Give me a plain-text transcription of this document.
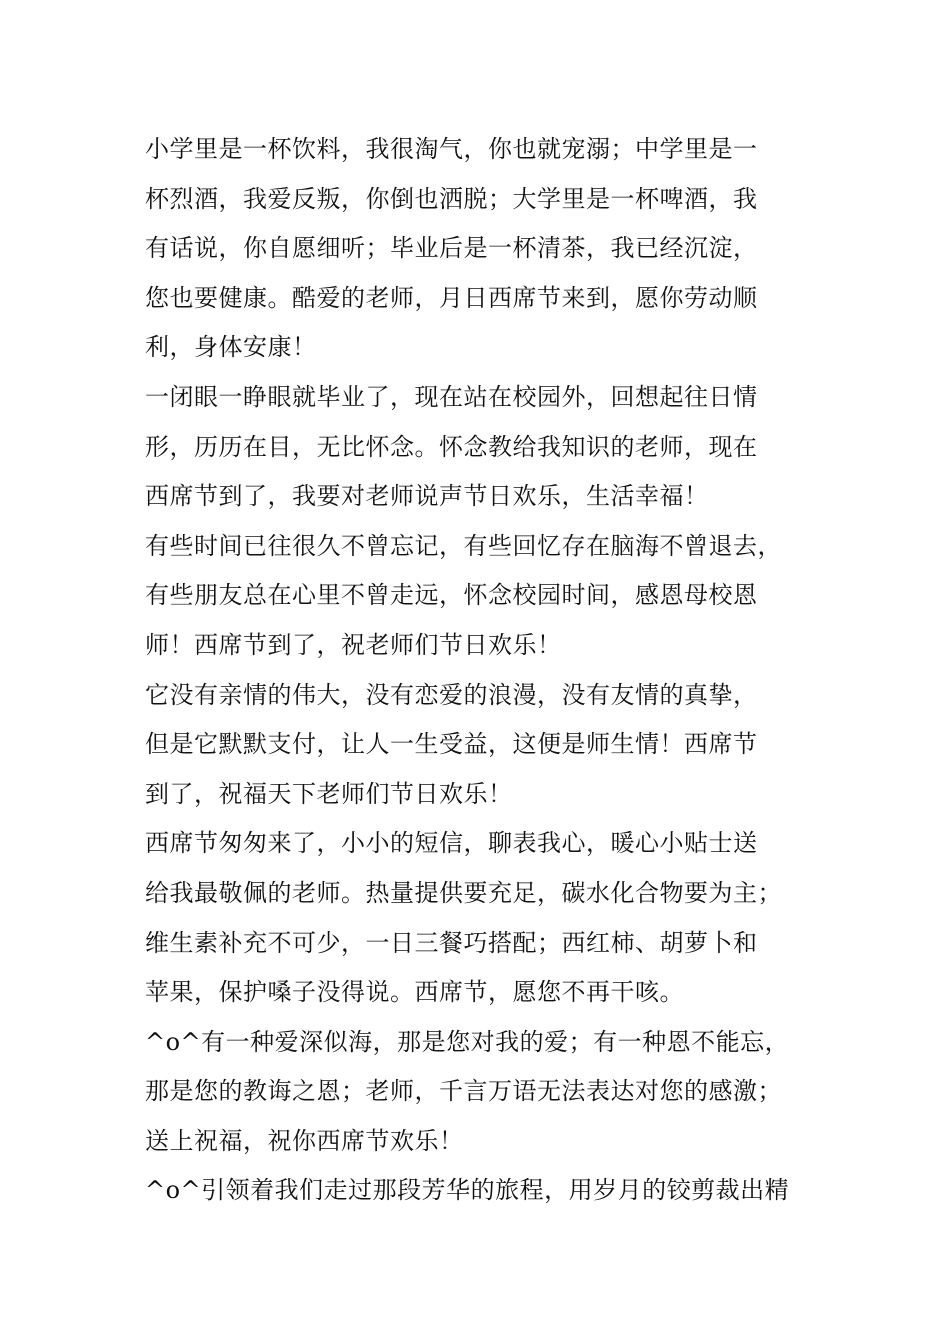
小学里是一杯饮料，我很淘气，你也就宠溺；中学里是一
杯烈酒，我爱反叛，你倒也洒脱；大学里是一杯啤酒，我
有话说，你自愿细听；毕业后是一杯清茶，我已经沉淀，
您也要健康。酷爱的老师，月日西席节来到，愿你劳动顺
利，身体安康！
一闭眼一睁眼就毕业了，现在站在校园外，回想起往日情
形，历历在目，无比怀念。怀念教给我知识的老师，现在
西席节到了，我要对老师说声节日欢乐，生活幸福！
有些时间已往很久不曾忘记，有些回忆存在脑海不曾退去，
有些朋友总在心里不曾走远，怀念校园时间，感恩母校恩
师！西席节到了，祝老师们节日欢乐！
它没有亲情的伟大，没有恋爱的浪漫，没有友情的真挚，
但是它默默支付，让人一生受益，这便是师生情！西席节
到了，祝福天下老师们节日欢乐！
西席节匆匆来了，小小的短信，聊表我心，暖心小贴士送
给我最敬佩的老师。热量提供要充足，碳水化合物要为主；
维生素补充不可少，一日三餐巧搭配；西红柿、胡萝卜和
苹果，保护嗓子没得说。西席节，愿您不再干咳。
^o^有一种爱深似海，那是您对我的爱；有一种恩不能忘，
那是您的教诲之恩；老师，千言万语无法表达对您的感激；
送上祝福，祝你西席节欢乐！
^o^引领着我们走过那段芳华的旅程，用岁月的铰剪裁出精
